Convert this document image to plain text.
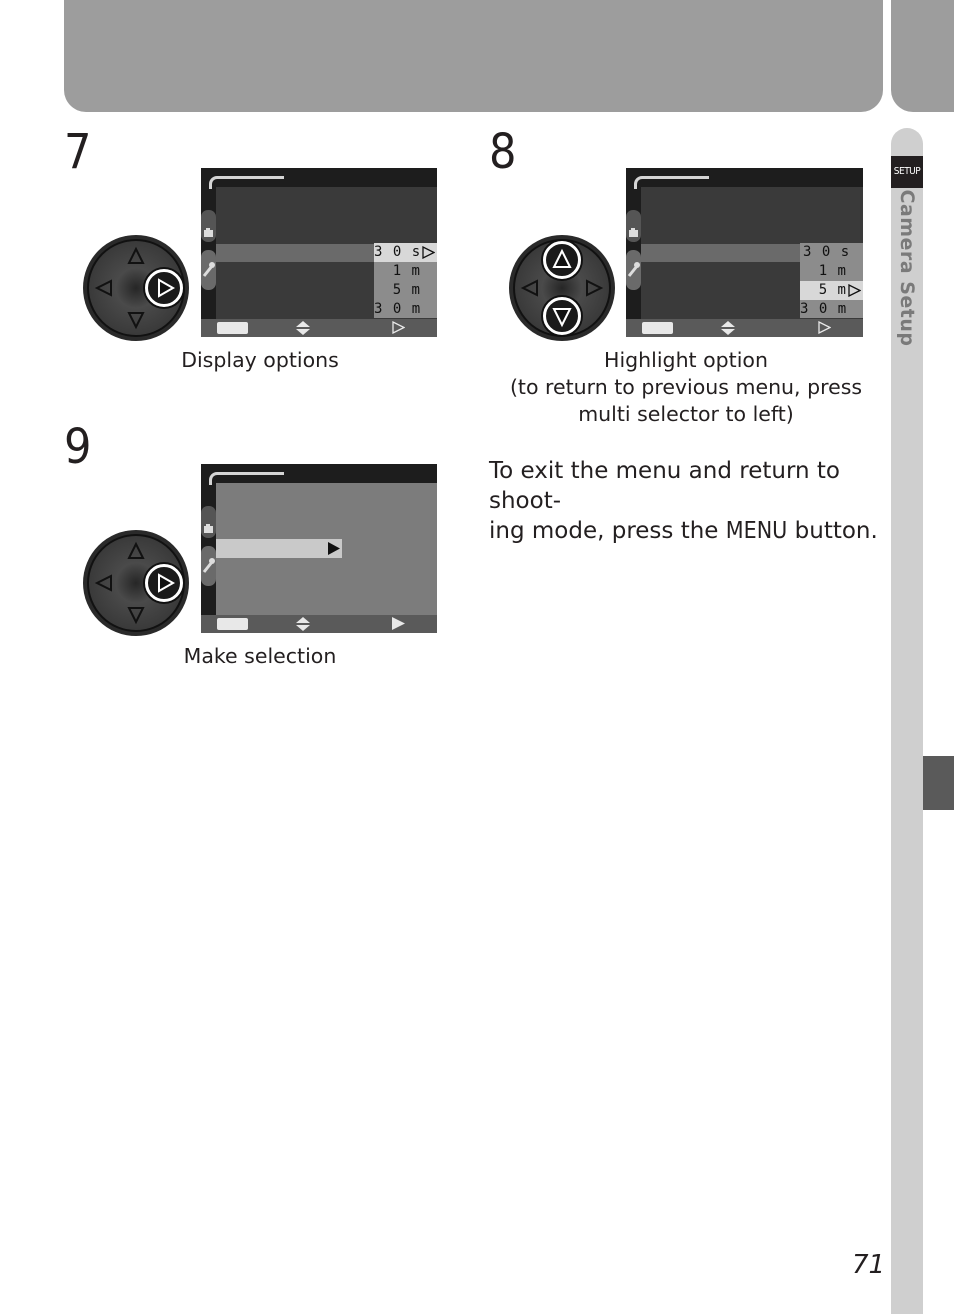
SETUP
Camera Setup
7
3 0 s
1 m
5 m
3 0 m
Display options
8
3 0 s
1 m
5 m
3 0 m
Highlight option
(to return to previous menu, press
multi selector to left)
9
Make selection
To exit the menu and return to shoot-
ing mode, press the MENU button.
71
